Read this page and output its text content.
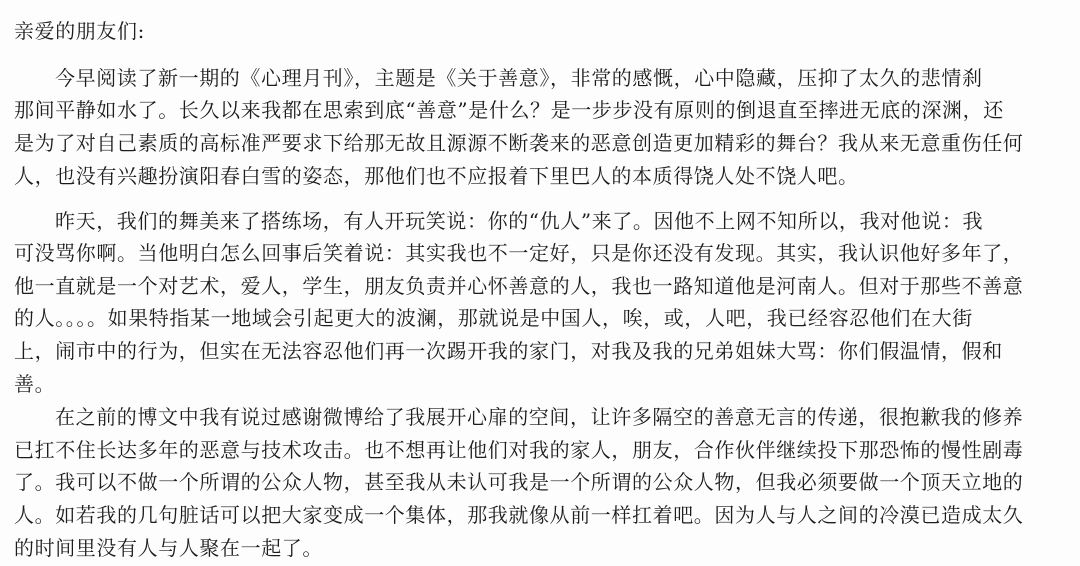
亲爱的朋友们:
今早阅读了新一期的《心理月刊》，主题是《关于善意》，非常的感慨，心中隐藏，压抑了太久的悲情刹
那间平静如水了。长久以来我都在思索到底“善意”是什么？是一步步没有原则的倒退直至摔进无底的深渊，还
是为了对自己素质的高标准严要求下给那无故且源源不断袭来的恶意创造更加精彩的舞台？我从来无意重伤任何
人，也没有兴趣扮演阳春白雪的姿态，那他们也不应报着下里巴人的本质得饶人处不饶人吧。
昨天，我们的舞美来了搭练场，有人开玩笑说：你的“仇人”来了。因他不上网不知所以，我对他说：我
可没骂你啊。当他明白怎么回事后笑着说：其实我也不一定好，只是你还没有发现。其实，我认识他好多年了，
他一直就是一个对艺术，爱人，学生，朋友负责并心怀善意的人，我也一路知道他是河南人。但对于那些不善意
的人。。。。如果特指某一地域会引起更大的波澜，那就说是中国人，唉，或，人吧，我已经容忍他们在大街
上，闹市中的行为，但实在无法容忍他们再一次踢开我的家门，对我及我的兄弟姐妹大骂：你们假温情，假和
善。
在之前的博文中我有说过感谢微博给了我展开心扉的空间，让许多隔空的善意无言的传递，很抱歉我的修养
已扛不住长达多年的恶意与技术攻击。也不想再让他们对我的家人，朋友，合作伙伴继续投下那恐怖的慢性剧毒
了。我可以不做一个所谓的公众人物，甚至我从未认可我是一个所谓的公众人物，但我必须要做一个顶天立地的
人。如若我的几句脏话可以把大家变成一个集体，那我就像从前一样扛着吧。因为人与人之间的冷漠已造成太久
的时间里没有人与人聚在一起了。
